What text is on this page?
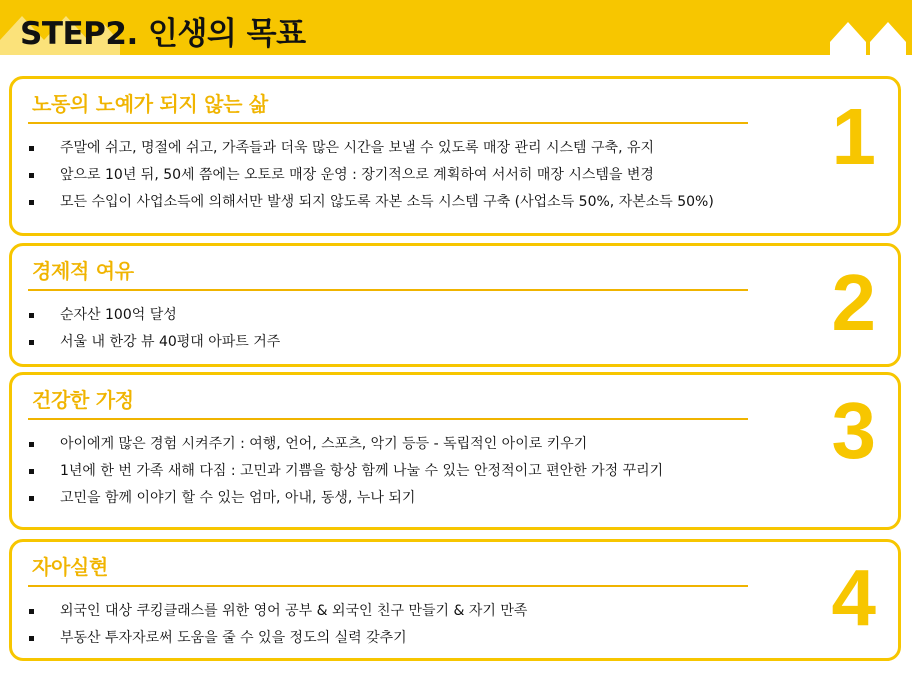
STEP2. 인생의 목표
노동의 노예가 되지 않는 삶	1
주말에 쉬고, 명절에 쉬고, 가족들과 더욱 많은 시간을 보낼 수 있도록 매장 관리 시스템 구축, 유지
앞으로 10년 뒤, 50세 쯤에는 오토로 매장 운영 : 장기적으로 계획하여 서서히 매장 시스템을 변경
모든 수입이 사업소득에 의해서만 발생 되지 않도록 자본 소득 시스템 구축 (사업소득 50%, 자본소득 50%)
경제적 여유	2
순자산 100억 달성
서울 내 한강 뷰 40평대 아파트 거주
건강한 가정	3
아이에게 많은 경험 시켜주기 : 여행, 언어, 스포츠, 악기 등등 - 독립적인 아이로 키우기
1년에 한 번 가족 새해 다짐 : 고민과 기쁨을 항상 함께 나눌 수 있는 안정적이고 편안한 가정 꾸리기
고민을 함께 이야기 할 수 있는 엄마, 아내, 동생, 누나 되기
자아실현	4
외국인 대상 쿠킹클래스를 위한 영어 공부 & 외국인 친구 만들기 & 자기 만족
부동산 투자자로써 도움을 줄 수 있을 정도의 실력 갖추기
